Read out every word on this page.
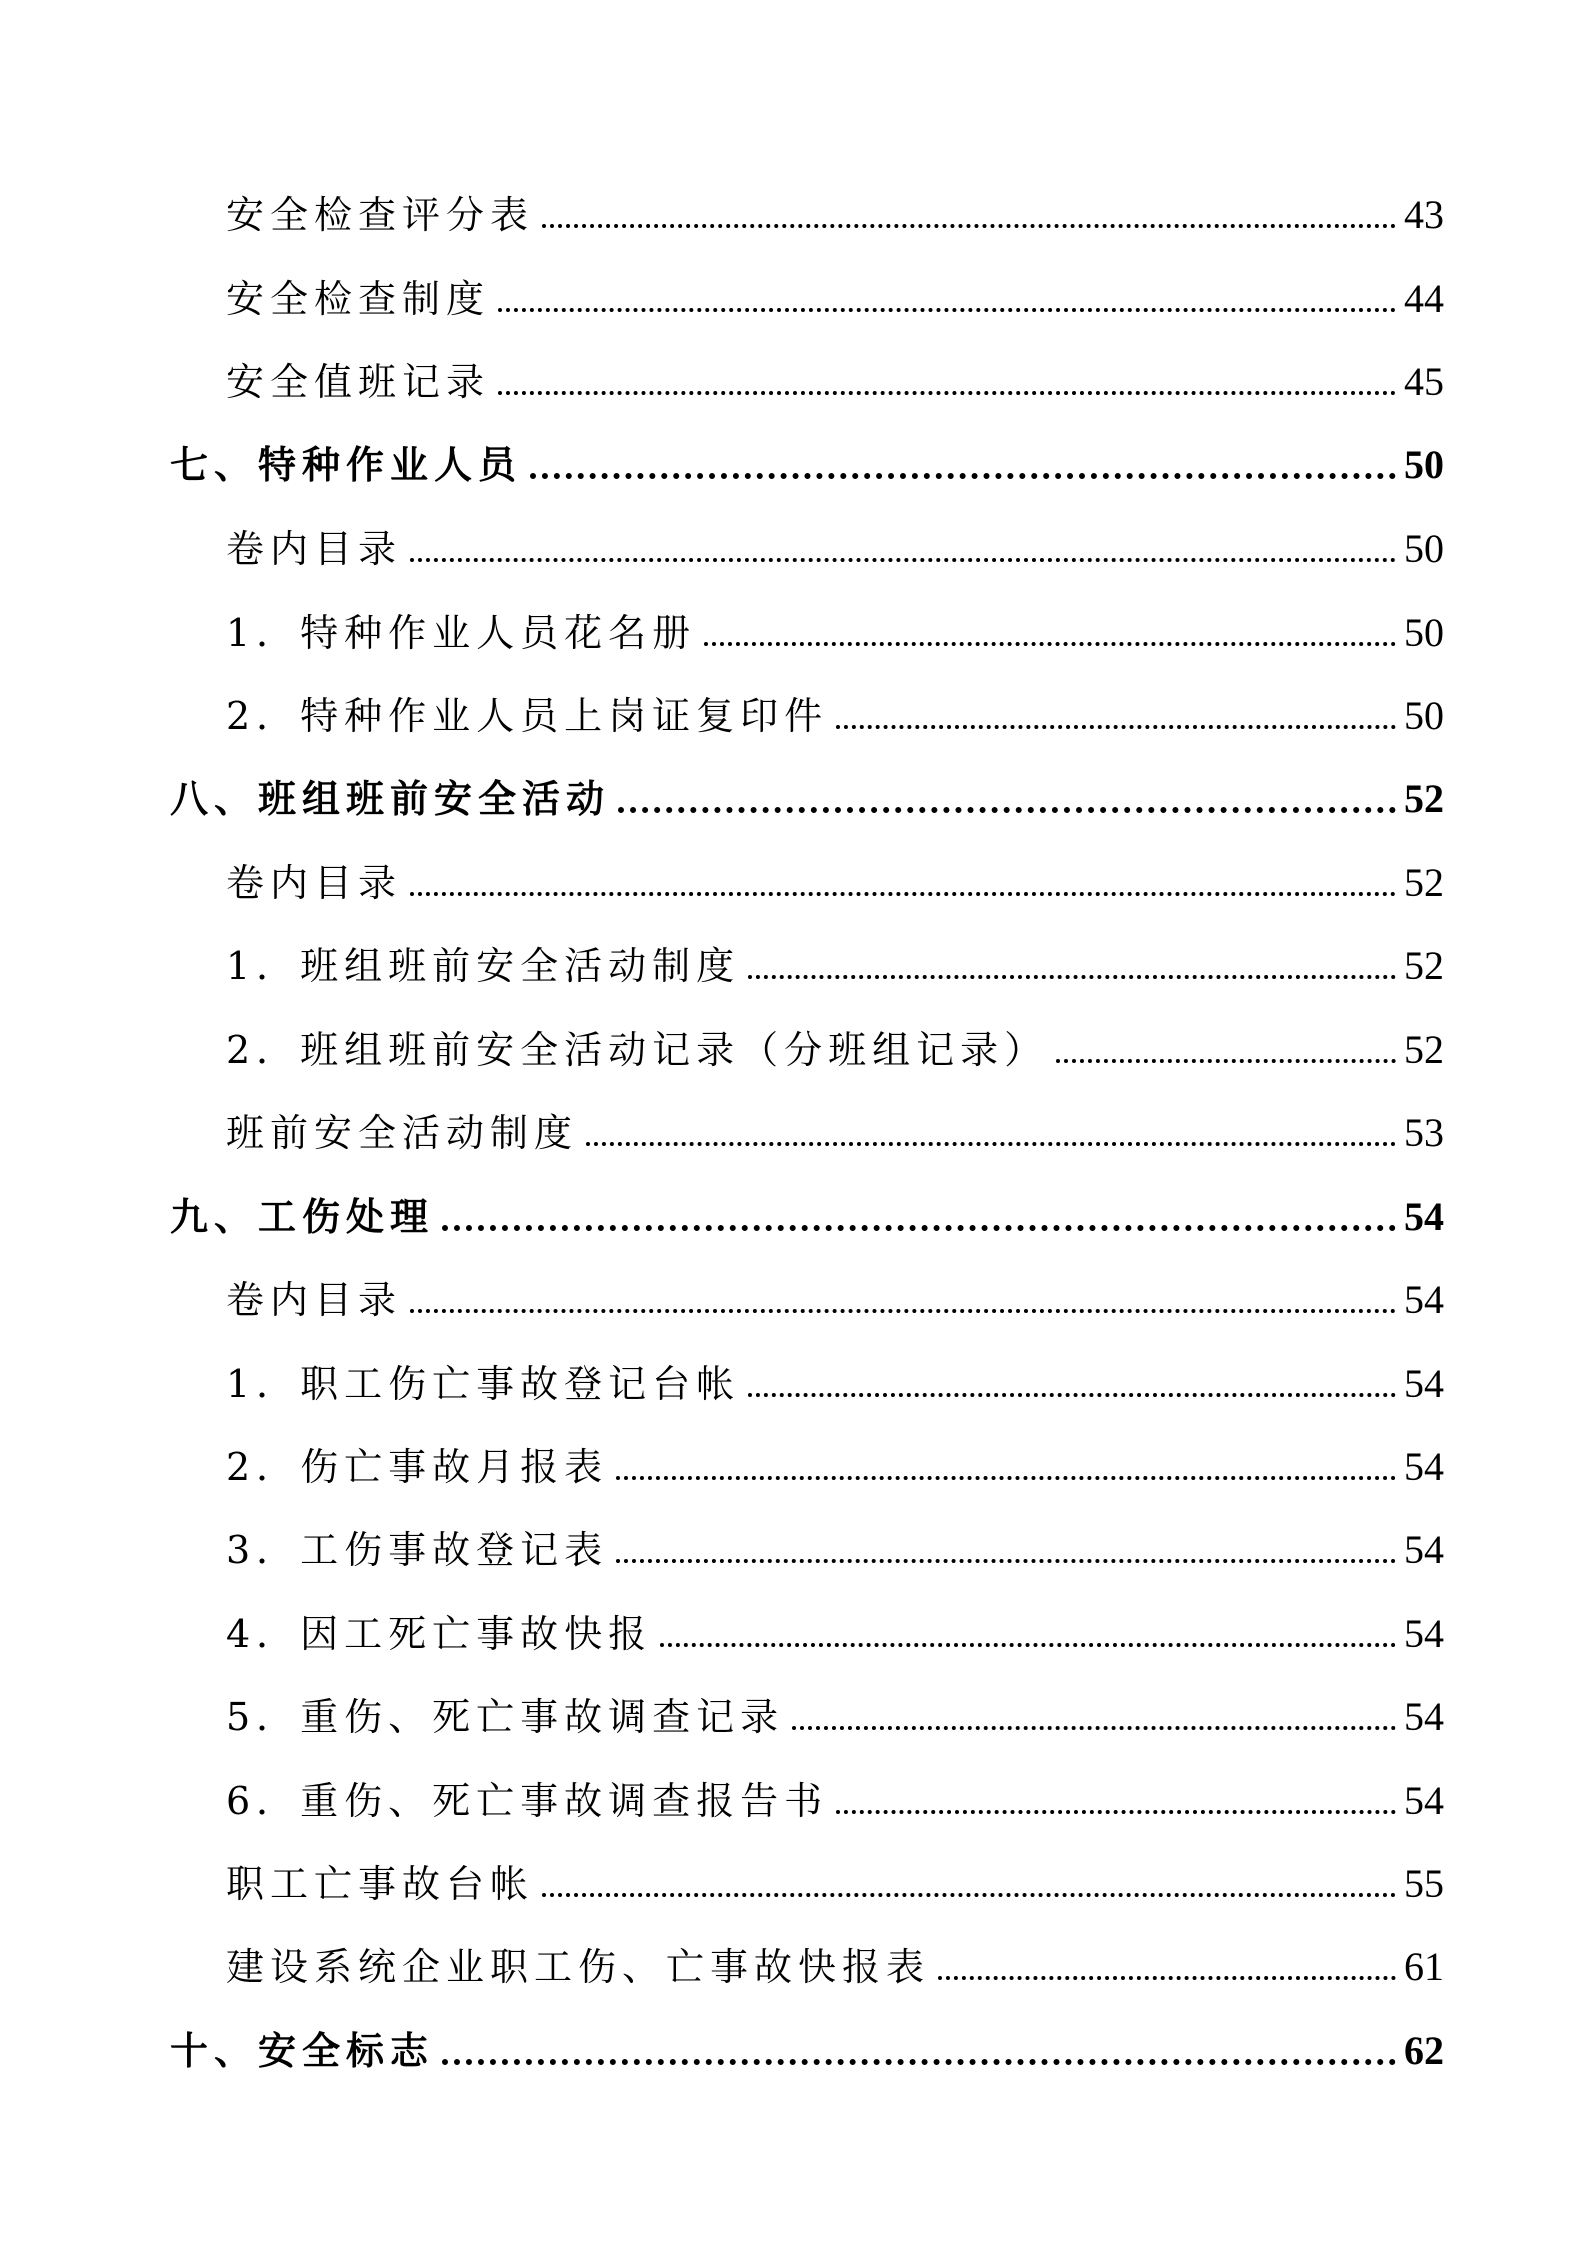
安全检查评分表	43
安全检查制度	44
安全值班记录	45
七、特种作业人员	50
卷内目录	50
1．特种作业人员花名册	50
2．特种作业人员上岗证复印件	50
八、班组班前安全活动	52
卷内目录	52
1．班组班前安全活动制度	52
2．班组班前安全活动记录（分班组记录）	52
班前安全活动制度	53
九、工伤处理	54
卷内目录	54
1．职工伤亡事故登记台帐	54
2．伤亡事故月报表	54
3．工伤事故登记表	54
4．因工死亡事故快报	54
5．重伤、死亡事故调查记录	54
6．重伤、死亡事故调查报告书	54
职工亡事故台帐	55
建设系统企业职工伤、亡事故快报表	61
十、安全标志	62
